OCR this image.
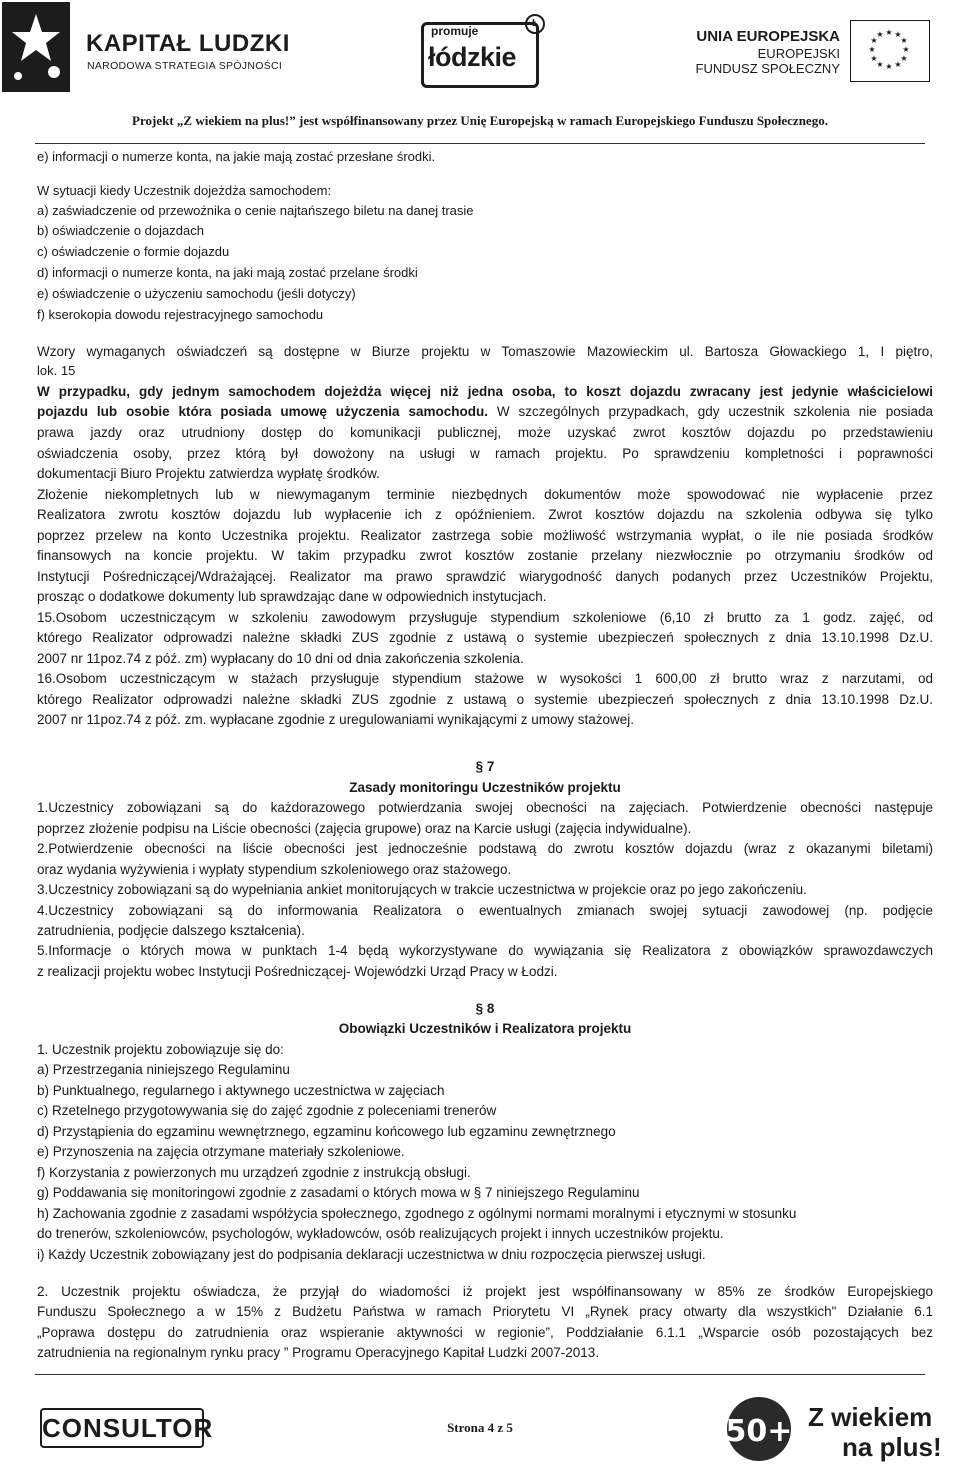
KAPITAŁ LUDZKI
NARODOWA STRATEGIA SPÓJNOŚCI
promuje
łódzkie
Ł
UNIA EUROPEJSKA
EUROPEJSKI
FUNDUSZ SPOŁECZNY
★ ★
★
★
★
★
★
★
★
★
★
★
Projekt „Z wiekiem na plus!” jest współfinansowany przez Unię Europejską w ramach Europejskiego Funduszu Społecznego.
e) informacji o numerze konta, na jakie mają zostać przesłane środki.
W sytuacji kiedy Uczestnik dojeżdża samochodem:
a) zaświadczenie od przewoźnika o cenie najtańszego biletu na danej trasie
b) oświadczenie o dojazdach
c) oświadczenie o formie dojazdu
d) informacji o numerze konta, na jaki mają zostać przelane środki
e) oświadczenie o użyczeniu samochodu (jeśli dotyczy)
f) kserokopia dowodu rejestracyjnego samochodu
Wzory wymaganych oświadczeń są dostępne w Biurze projektu w Tomaszowie Mazowieckim ul. Bartosza Głowackiego 1, I piętro,
lok. 15
W przypadku, gdy jednym samochodem dojeżdża więcej niż jedna osoba, to koszt dojazdu zwracany jest jedynie właścicielowi
pojazdu lub osobie która posiada umowę użyczenia samochodu. W szczególnych przypadkach, gdy uczestnik szkolenia nie posiada
prawa jazdy oraz utrudniony dostęp do komunikacji publicznej, może uzyskać zwrot kosztów dojazdu po przedstawieniu
oświadczenia osoby, przez którą był dowożony na usługi w ramach projektu. Po sprawdzeniu kompletności i poprawności
dokumentacji Biuro Projektu zatwierdza wypłatę środków.
Złożenie niekompletnych lub w niewymaganym terminie niezbędnych dokumentów może spowodować nie wypłacenie przez
Realizatora zwrotu kosztów dojazdu lub wypłacenie ich z opóźnieniem. Zwrot kosztów dojazdu na szkolenia odbywa się tylko
poprzez przelew na konto Uczestnika projektu. Realizator zastrzega sobie możliwość wstrzymania wypłat, o ile nie posiada środków
finansowych na koncie projektu. W takim przypadku zwrot kosztów zostanie przelany niezwłocznie po otrzymaniu środków od
Instytucji Pośredniczącej/Wdrażającej. Realizator ma prawo sprawdzić wiarygodność danych podanych przez Uczestników Projektu,
prosząc o dodatkowe dokumenty lub sprawdzając dane w odpowiednich instytucjach.
15.Osobom uczestniczącym w szkoleniu zawodowym przysługuje stypendium szkoleniowe (6,10 zł brutto za 1 godz. zajęć, od
którego Realizator odprowadzi należne składki ZUS zgodnie z ustawą o systemie ubezpieczeń społecznych z dnia 13.10.1998 Dz.U.
2007 nr 11poz.74 z póź. zm) wypłacany do 10 dni od dnia zakończenia szkolenia.
16.Osobom uczestniczącym w stażach przysługuje stypendium stażowe w wysokości 1 600,00 zł brutto wraz z narzutami, od
którego Realizator odprowadzi należne składki ZUS zgodnie z ustawą o systemie ubezpieczeń społecznych z dnia 13.10.1998 Dz.U.
2007 nr 11poz.74 z póź. zm. wypłacane zgodnie z uregulowaniami wynikającymi z umowy stażowej.
§ 7
Zasady monitoringu Uczestników projektu
1.Uczestnicy zobowiązani są do każdorazowego potwierdzania swojej obecności na zajęciach. Potwierdzenie obecności następuje
poprzez złożenie podpisu na Liście obecności (zajęcia grupowe) oraz na Karcie usługi (zajęcia indywidualne).
2.Potwierdzenie obecności na liście obecności jest jednocześnie podstawą do zwrotu kosztów dojazdu (wraz z okazanymi biletami)
oraz wydania wyżywienia i wypłaty stypendium szkoleniowego oraz stażowego.
3.Uczestnicy zobowiązani są do wypełniania ankiet monitorujących w trakcie uczestnictwa w projekcie oraz po jego zakończeniu.
4.Uczestnicy zobowiązani są do informowania Realizatora o ewentualnych zmianach swojej sytuacji zawodowej (np. podjęcie
zatrudnienia, podjęcie dalszego kształcenia).
5.Informacje o których mowa w punktach 1-4 będą wykorzystywane do wywiązania się Realizatora z obowiązków sprawozdawczych
z realizacji projektu wobec Instytucji Pośredniczącej- Wojewódzki Urząd Pracy w Łodzi.
§ 8
Obowiązki Uczestników i Realizatora projektu
1. Uczestnik projektu zobowiązuje się do:
a) Przestrzegania niniejszego Regulaminu
b) Punktualnego, regularnego i aktywnego uczestnictwa w zajęciach
c) Rzetelnego przygotowywania się do zajęć zgodnie z poleceniami trenerów
d) Przystąpienia do egzaminu wewnętrznego, egzaminu końcowego lub egzaminu zewnętrznego
e) Przynoszenia na zajęcia otrzymane materiały szkoleniowe.
f) Korzystania z powierzonych mu urządzeń zgodnie z instrukcją obsługi.
g) Poddawania się monitoringowi zgodnie z zasadami o których mowa w § 7 niniejszego Regulaminu
h) Zachowania zgodnie z zasadami współżycia społecznego, zgodnego z ogólnymi normami moralnymi i etycznymi w stosunku
do trenerów, szkoleniowców, psychologów, wykładowców, osób realizujących projekt i innych uczestników projektu.
i) Każdy Uczestnik zobowiązany jest do podpisania deklaracji uczestnictwa w dniu rozpoczęcia pierwszej usługi.
2. Uczestnik projektu oświadcza, że przyjął do wiadomości iż projekt jest współfinansowany w 85% ze środków Europejskiego
Funduszu Społecznego a w 15% z Budżetu Państwa w ramach Priorytetu VI „Rynek pracy otwarty dla wszystkich" Działanie 6.1
„Poprawa dostępu do zatrudnienia oraz wspieranie aktywności w regionie”, Poddziałanie 6.1.1 „Wsparcie osób pozostających bez
zatrudnienia na regionalnym rynku pracy ” Programu Operacyjnego Kapitał Ludzki 2007-2013.
CONSULTOR	Strona 4 z 5	50+ Z wiekiem
na plus!
